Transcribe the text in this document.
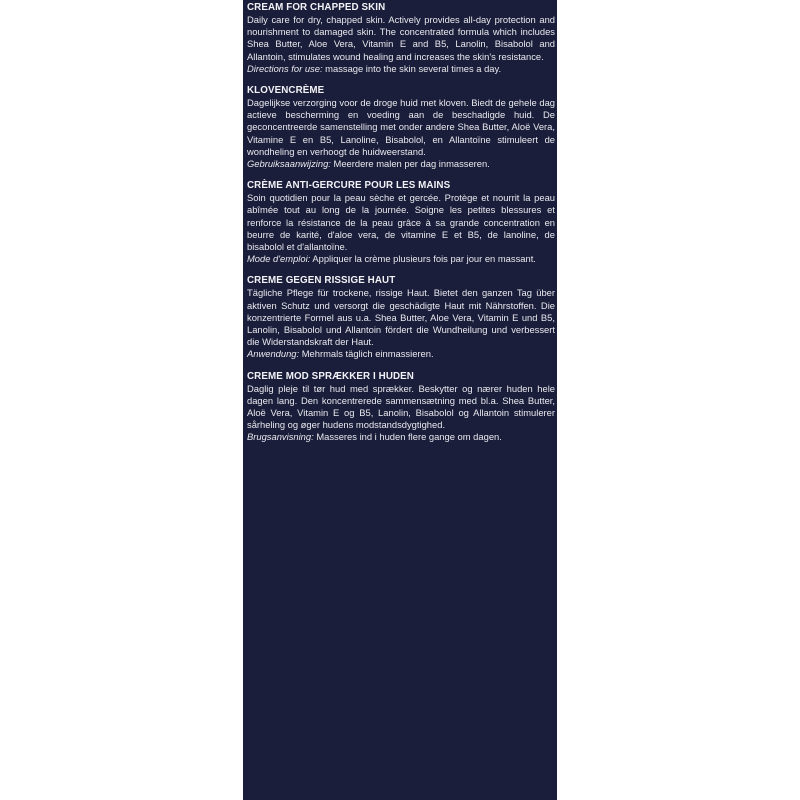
CREAM FOR CHAPPED SKIN

Daily care for dry, chapped skin. Actively provides all-day protection and nourishment to damaged skin. The concentrated formula which includes Shea Butter, Aloe Vera, Vitamin E and B5, Lanolin, Bisabolol and Allantoin, stimulates wound healing and increases the skin's resistance.

Directions for use: massage into the skin several times a day.

KLOVENCRÈME

Dagelijkse verzorging voor de droge huid met kloven. Biedt de gehele dag actieve bescherming en voeding aan de beschadigde huid. De geconcentreerde samenstelling met onder andere Shea Butter, Aloë Vera, Vitamine E en B5, Lanoline, Bisabolol, en Allantoïne stimuleert de wondheling en verhoogt de huidweerstand.

Gebruiksaanwijzing: Meerdere malen per dag inmasseren.

CRÈME ANTI-GERCURE POUR LES MAINS

Soin quotidien pour la peau sèche et gercée. Protège et nourrit la peau abîmée tout au long de la journée. Soigne les petites blessures et renforce la résistance de la peau grâce à sa grande concentration en beurre de karité, d'aloe vera, de vitamine E et B5, de lanoline, de bisabolol et d'allantoïne.

Mode d'emploi: Appliquer la crème plusieurs fois par jour en massant.

CREME GEGEN RISSIGE HAUT

Tägliche Pflege für trockene, rissige Haut. Bietet den ganzen Tag über aktiven Schutz und versorgt die geschädigte Haut mit Nährstoffen. Die konzentrierte Formel aus u.a. Shea Butter, Aloe Vera, Vitamin E und B5, Lanolin, Bisabolol und Allantoin fördert die Wundheilung und verbessert die Widerstandskraft der Haut.

Anwendung: Mehrmals täglich einmassieren.

CREME MOD SPRÆKKER I HUDEN

Daglig pleje til tør hud med sprækker. Beskytter og nærer huden hele dagen lang. Den koncentrerede sammensætning med bl.a. Shea Butter, Aloë Vera, Vitamin E og B5, Lanolin, Bisabolol og Allantoin stimulerer sårheling og øger hudens modstandsdygtighed.

Brugsanvisning: Masseres ind i huden flere gange om dagen.
